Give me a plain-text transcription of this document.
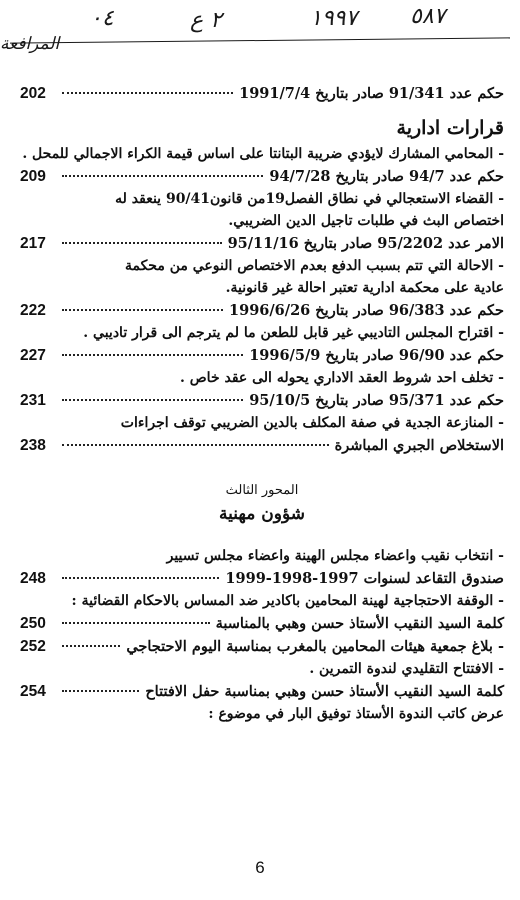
٠٤	٢ ع	١٩٩٧ ٥٨٧
المرافعة
حكم عدد 91/341 صادر بتاريخ 1991/7/4
202
قرارات ادارية
- المحامي المشارك لايؤدي ضريبة البتانتا على اساس قيمة الكراء الاجمالي للمحل .
حكم عدد 94/7 صادر بتاريخ 94/7/28
209
- القضاء الاستعجالي في نطاق الفصل19من قانون90/41 ينعقد له
اختصاص البث في طلبات تاجيل الدين الضريبي.
الامر عدد 95/2202 صادر بتاريخ 95/11/16
217
- الاحالة التي تتم بسبب الدفع بعدم الاختصاص النوعي من محكمة
عادية على محكمة ادارية تعتبر احالة غير قانونية.
حكم عدد 96/383 صادر بتاريخ 1996/6/26
222
- اقتراح المجلس التاديبي غير قابل للطعن ما لم يترجم الى قرار تاديبي .
حكم عدد 96/90 صادر بتاريخ 1996/5/9
227
- تخلف احد شروط العقد الاداري يحوله الى عقد خاص .
حكم عدد 95/371 صادر بتاريخ 95/10/5
231
- المنازعة الجدية في صفة المكلف بالدين الضريبي توقف اجراءات
الاستخلاص الجبري المباشرة
238
المحور الثالث
شؤون مهنية
- انتخاب نقيب واعضاء مجلس الهينة واعضاء مجلس تسيير
صندوق التقاعد لسنوات 1997-1998-1999
248
- الوقفة الاحتجاجية لهينة المحامين باكادير ضد المساس بالاحكام القضائية :
كلمة السيد النقيب الأستاذ حسن وهبي بالمناسبة
250
- بلاغ جمعية هيئات المحامين بالمغرب بمناسبة اليوم الاحتجاجي
252
- الافتتاح التقليدي لندوة التمرين .
كلمة السيد النقيب الأستاذ حسن وهبي بمناسبة حفل الافتتاح
254
عرض كاتب الندوة الأستاذ توفيق البار في موضوع :
6
